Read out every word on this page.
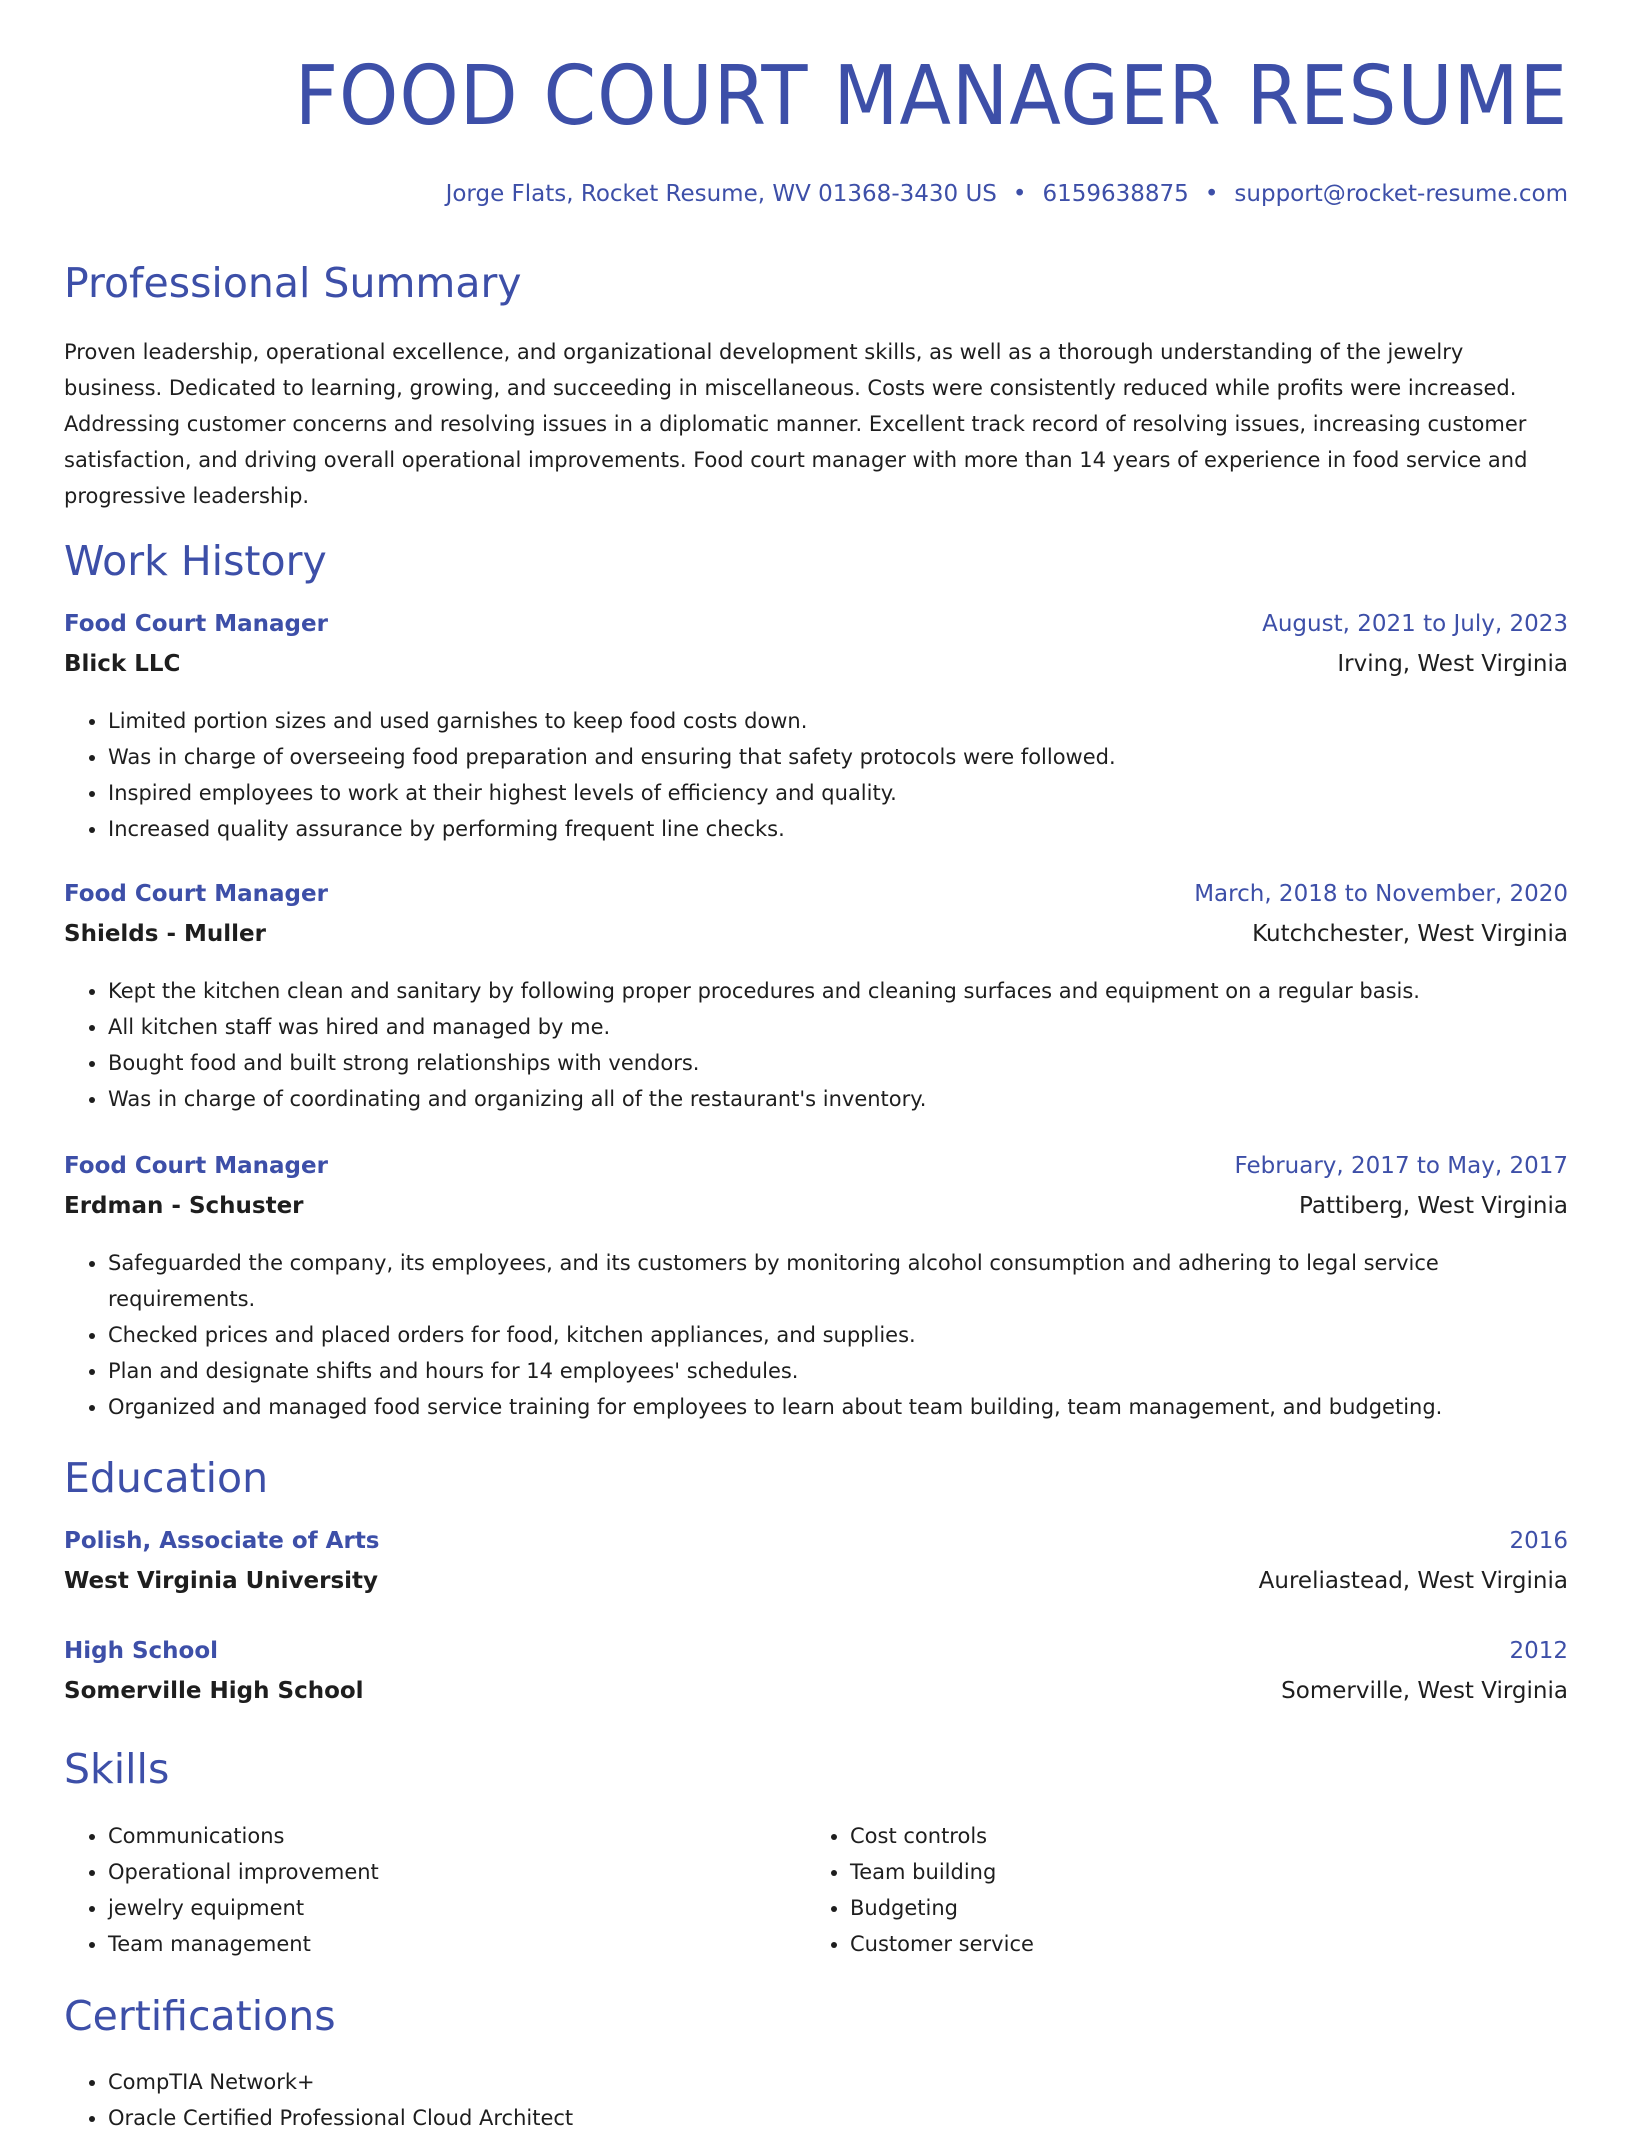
FOOD COURT MANAGER RESUME

Jorge Flats, Rocket Resume, WV 01368-3430 US • 6159638875 • support@rocket-resume.com

Professional Summary

Proven leadership, operational excellence, and organizational development skills, as well as a thorough understanding of the jewelry business. Dedicated to learning, growing, and succeeding in miscellaneous. Costs were consistently reduced while profits were increased. Addressing customer concerns and resolving issues in a diplomatic manner. Excellent track record of resolving issues, increasing customer satisfaction, and driving overall operational improvements. Food court manager with more than 14 years of experience in food service and progressive leadership.

Work History
Food Court Manager	August, 2021 to July, 2023
Blick LLC	Irving, West Virginia
• Limited portion sizes and used garnishes to keep food costs down.
• Was in charge of overseeing food preparation and ensuring that safety protocols were followed.
• Inspired employees to work at their highest levels of efficiency and quality.
• Increased quality assurance by performing frequent line checks.
Food Court Manager	March, 2018 to November, 2020
Shields - Muller	Kutchchester, West Virginia
• Kept the kitchen clean and sanitary by following proper procedures and cleaning surfaces and equipment on a regular basis.
• All kitchen staff was hired and managed by me.
• Bought food and built strong relationships with vendors.
• Was in charge of coordinating and organizing all of the restaurant's inventory.
Food Court Manager	February, 2017 to May, 2017
Erdman - Schuster	Pattiberg, West Virginia
• Safeguarded the company, its employees, and its customers by monitoring alcohol consumption and adhering to legal service requirements.
• Checked prices and placed orders for food, kitchen appliances, and supplies.
• Plan and designate shifts and hours for 14 employees' schedules.
• Organized and managed food service training for employees to learn about team building, team management, and budgeting.
Education
Polish, Associate of Arts	2016
West Virginia University	Aureliastead, West Virginia
High School	2012
Somerville High School	Somerville, West Virginia
Skills
• Communications
• Operational improvement
• jewelry equipment
• Team management
• Cost controls
• Team building
• Budgeting
• Customer service
Certifications
• CompTIA Network+
• Oracle Certified Professional Cloud Architect
